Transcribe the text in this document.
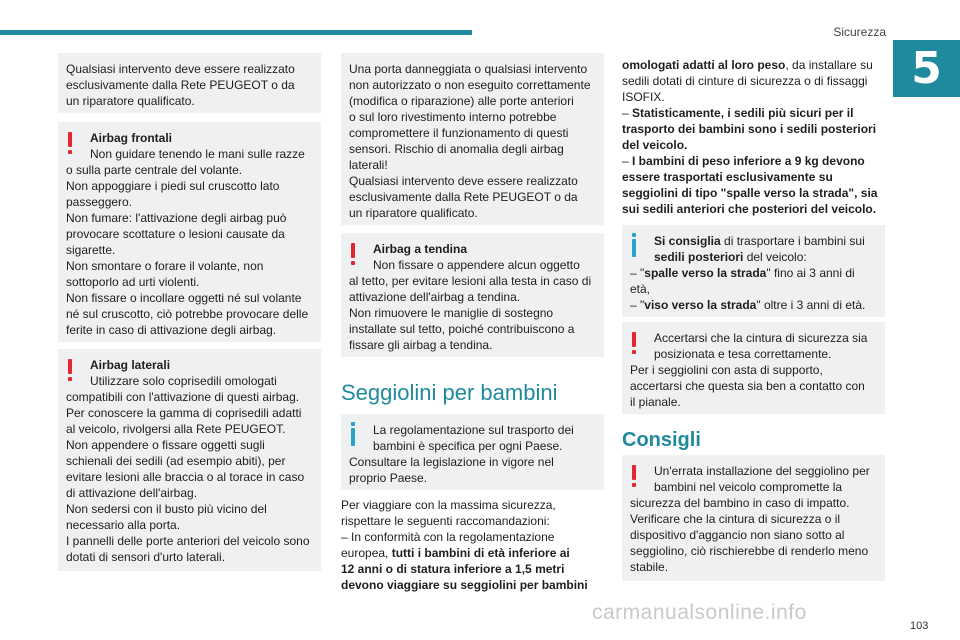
Sicurezza
5

Qualsiasi intervento deve essere realizzato
esclusivamente dalla Rete PEUGEOT o da
un riparatore qualificato.

Airbag frontali

Non guidare tenendo le mani sulle razze

o sulla parte centrale del volante.
Non appoggiare i piedi sul cruscotto lato
passeggero.
Non fumare: l'attivazione degli airbag può
provocare scottature o lesioni causate da
sigarette.
Non smontare o forare il volante, non
sottoporlo ad urti violenti.
Non fissare o incollare oggetti né sul volante
né sul cruscotto, ciò potrebbe provocare delle
ferite in caso di attivazione degli airbag.

Airbag laterali

Utilizzare solo coprisedili omologati

compatibili con l'attivazione di questi airbag.
Per conoscere la gamma di coprisedili adatti
al veicolo, rivolgersi alla Rete PEUGEOT.
Non appendere o fissare oggetti sugli
schienali dei sedili (ad esempio abiti), per
evitare lesioni alle braccia o al torace in caso
di attivazione dell'airbag.
Non sedersi con il busto più vicino del
necessario alla porta.
I pannelli delle porte anteriori del veicolo sono
dotati di sensori d'urto laterali.

Una porta danneggiata o qualsiasi intervento
non autorizzato o non eseguito correttamente
(modifica o riparazione) alle porte anteriori
o sul loro rivestimento interno potrebbe
compromettere il funzionamento di questi
sensori. Rischio di anomalia degli airbag
laterali!
Qualsiasi intervento deve essere realizzato
esclusivamente dalla Rete PEUGEOT o da
un riparatore qualificato.

Airbag a tendina

Non fissare o appendere alcun oggetto

al tetto, per evitare lesioni alla testa in caso di
attivazione dell'airbag a tendina.
Non rimuovere le maniglie di sostegno
installate sul tetto, poiché contribuiscono a
fissare gli airbag a tendina.

Seggiolini per bambini

La regolamentazione sul trasporto dei

bambini è specifica per ogni Paese.

Consultare la legislazione in vigore nel
proprio Paese.

Per viaggiare con la massima sicurezza,
rispettare le seguenti raccomandazioni:
– In conformità con la regolamentazione
europea, tutti i bambini di età inferiore ai
12 anni o di statura inferiore a 1,5 metri
devono viaggiare su seggiolini per bambini

omologati adatti al loro peso, da installare su
sedili dotati di cinture di sicurezza o di fissaggi
ISOFIX.
– Statisticamente, i sedili più sicuri per il
trasporto dei bambini sono i sedili posteriori
del veicolo.
– I bambini di peso inferiore a 9 kg devono
essere trasportati esclusivamente su
seggiolini di tipo "spalle verso la strada", sia
sui sedili anteriori che posteriori del veicolo.

Si consiglia di trasportare i bambini sui

sedili posteriori del veicolo:

– "spalle verso la strada" fino ai 3 anni di
età,

– "viso verso la strada" oltre i 3 anni di età.

Accertarsi che la cintura di sicurezza sia

posizionata e tesa correttamente.

Per i seggiolini con asta di supporto,
accertarsi che questa sia ben a contatto con
il pianale.

Consigli

Un'errata installazione del seggiolino per

bambini nel veicolo compromette la

sicurezza del bambino in caso di impatto.
Verificare che la cintura di sicurezza o il
dispositivo d'aggancio non siano sotto al
seggiolino, ciò rischierebbe di renderlo meno
stabile.

carmanualsonline.info
103
